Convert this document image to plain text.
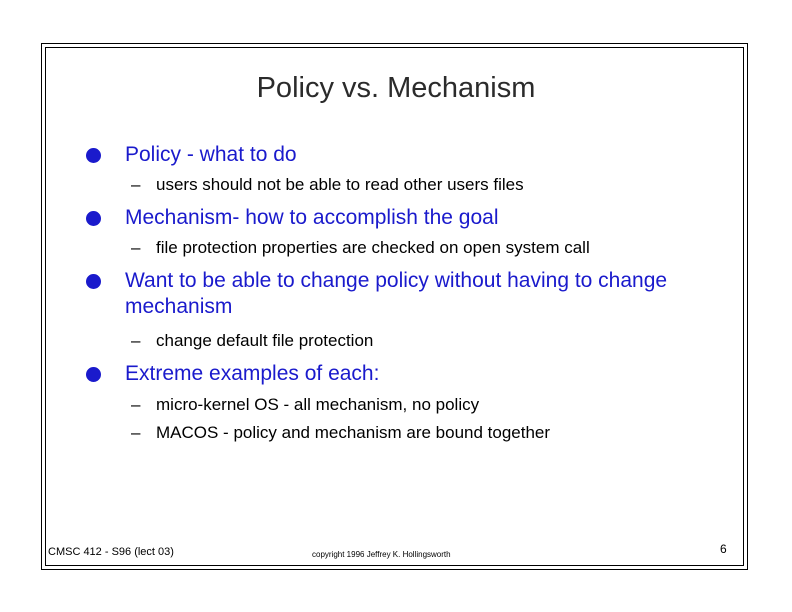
Policy vs. Mechanism
Policy - what to do
– users should not be able to read other users files
Mechanism- how to accomplish the goal
– file protection properties are checked on open system call
Want to be able to change policy without having to change mechanism
– change default file protection
Extreme examples of each:
– micro-kernel OS - all mechanism, no policy
– MACOS - policy and mechanism are bound together
CMSC 412 - S96 (lect 03)	copyright 1996 Jeffrey K. Hollingsworth	6
